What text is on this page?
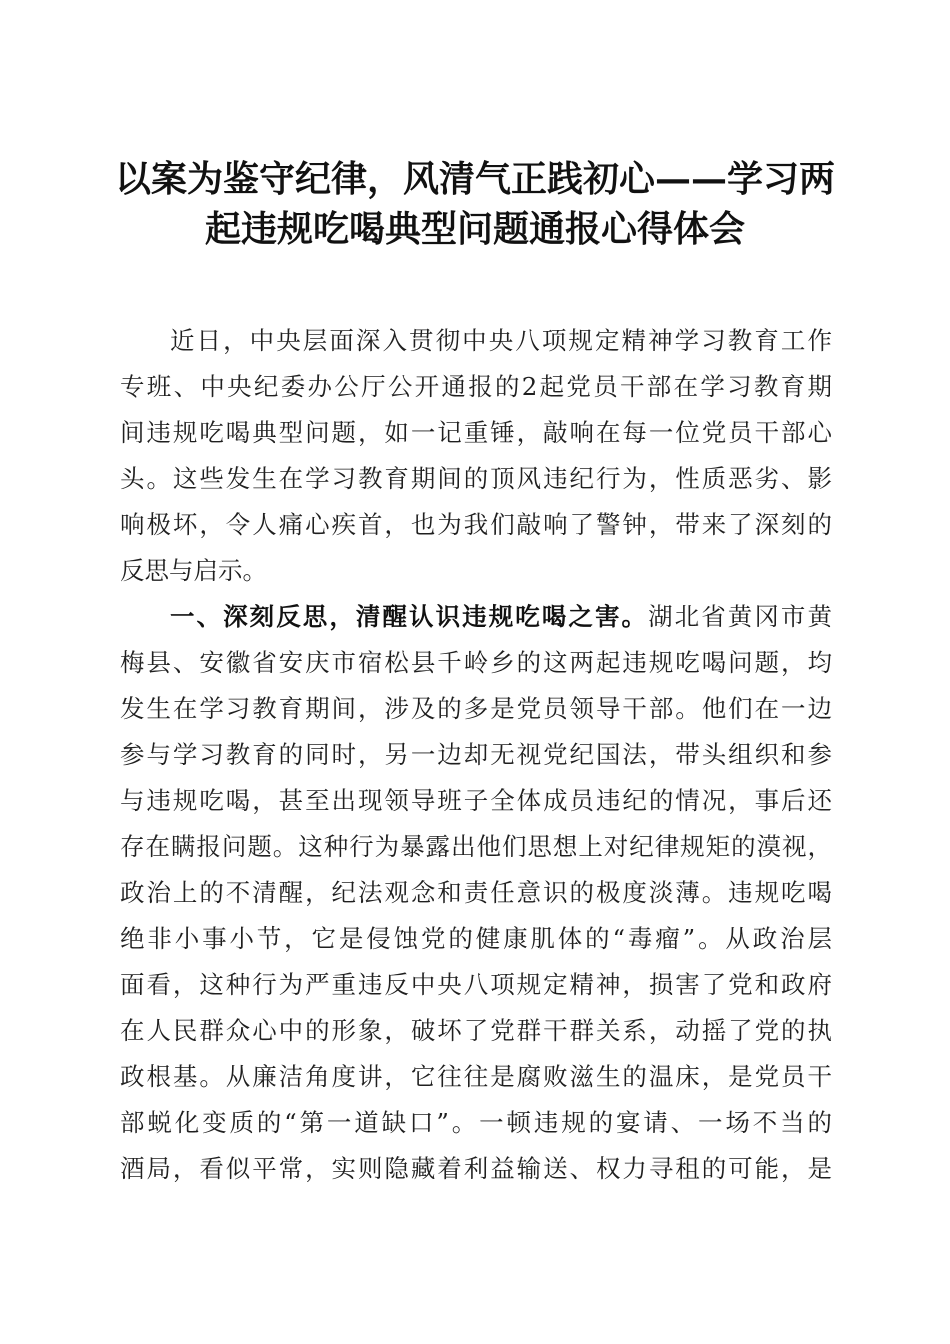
以案为鉴守纪律，风清气正践初心——学习两
起违规吃喝典型问题通报心得体会
近日，中央层面深入贯彻中央八项规定精神学习教育工作
专班、中央纪委办公厅公开通报的2起党员干部在学习教育期
间违规吃喝典型问题，如一记重锤，敲响在每一位党员干部心
头。这些发生在学习教育期间的顶风违纪行为，性质恶劣、影
响极坏，令人痛心疾首，也为我们敲响了警钟，带来了深刻的
反思与启示。
一、深刻反思，清醒认识违规吃喝之害。湖北省黄冈市黄
梅县、安徽省安庆市宿松县千岭乡的这两起违规吃喝问题，均
发生在学习教育期间，涉及的多是党员领导干部。他们在一边
参与学习教育的同时，另一边却无视党纪国法，带头组织和参
与违规吃喝，甚至出现领导班子全体成员违纪的情况，事后还
存在瞒报问题。这种行为暴露出他们思想上对纪律规矩的漠视，
政治上的不清醒，纪法观念和责任意识的极度淡薄。违规吃喝
绝非小事小节，它是侵蚀党的健康肌体的“毒瘤”。从政治层
面看，这种行为严重违反中央八项规定精神，损害了党和政府
在人民群众心中的形象，破坏了党群干群关系，动摇了党的执
政根基。从廉洁角度讲，它往往是腐败滋生的温床，是党员干
部蜕化变质的“第一道缺口”。一顿违规的宴请、一场不当的
酒局，看似平常，实则隐藏着利益输送、权力寻租的可能，是
